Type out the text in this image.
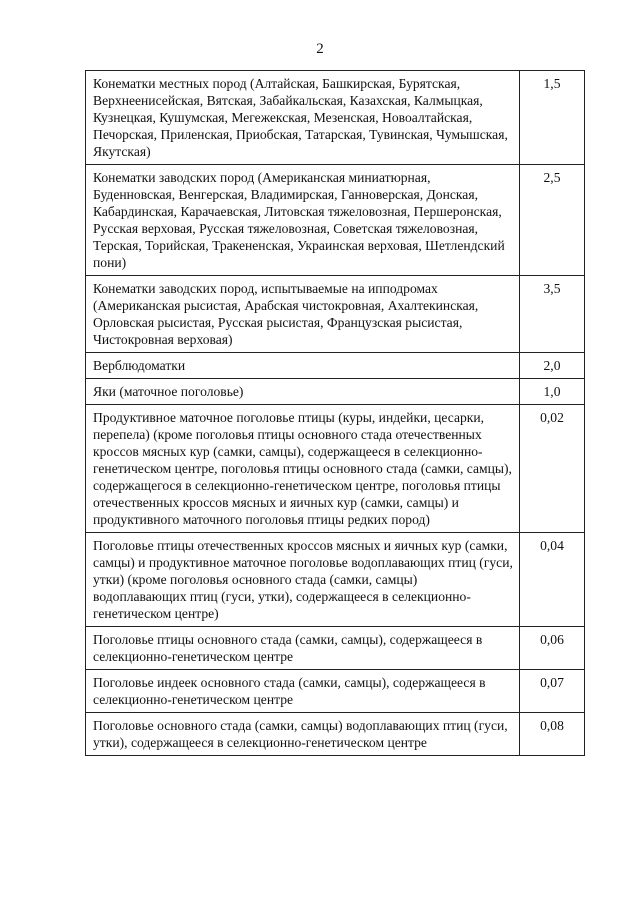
2
Конематки местных пород (Алтайская, Башкирская, Бурятская, Верхнеенисейская, Вятская, Забайкальская, Казахская, Калмыцкая, Кузнецкая, Кушумская, Мегежекская, Мезенская, Новоалтайская, Печорская, Приленская, Приобская, Татарская, Тувинская, Чумышская, Якутская)	1,5
Конематки заводских пород (Американская миниатюрная, Буденновская, Венгерская, Владимирская, Ганноверская, Донская, Кабардинская, Карачаевская, Литовская тяжеловозная, Першеронская, Русская верховая, Русская тяжеловозная, Советская тяжеловозная, Терская, Торийская, Тракененская, Украинская верховая, Шетлендский пони)	2,5
Конематки заводских пород, испытываемые на ипподромах (Американская рысистая, Арабская чистокровная, Ахалтекинская, Орловская рысистая, Русская рысистая, Французская рысистая, Чистокровная верховая)	3,5
Верблюдоматки	2,0
Яки (маточное поголовье)	1,0
Продуктивное маточное поголовье птицы (куры, индейки, цесарки, перепела) (кроме поголовья птицы основного стада отечественных кроссов мясных кур (самки, самцы), содержащееся в селекционно-генетическом центре, поголовья птицы основного стада (самки, самцы), содержащегося в селекционно-генетическом центре, поголовья птицы отечественных кроссов мясных и яичных кур (самки, самцы) и продуктивного маточного поголовья птицы редких пород)	0,02
Поголовье птицы отечественных кроссов мясных и яичных кур (самки, самцы) и продуктивное маточное поголовье водоплавающих птиц (гуси, утки) (кроме поголовья основного стада (самки, самцы) водоплавающих птиц (гуси, утки), содержащееся в селекционно-генетическом центре)	0,04
Поголовье птицы основного стада (самки, самцы), содержащееся в селекционно-генетическом центре	0,06
Поголовье индеек основного стада (самки, самцы), содержащееся в селекционно-генетическом центре	0,07
Поголовье основного стада (самки, самцы) водоплавающих птиц (гуси, утки), содержащееся в селекционно-генетическом центре	0,08
